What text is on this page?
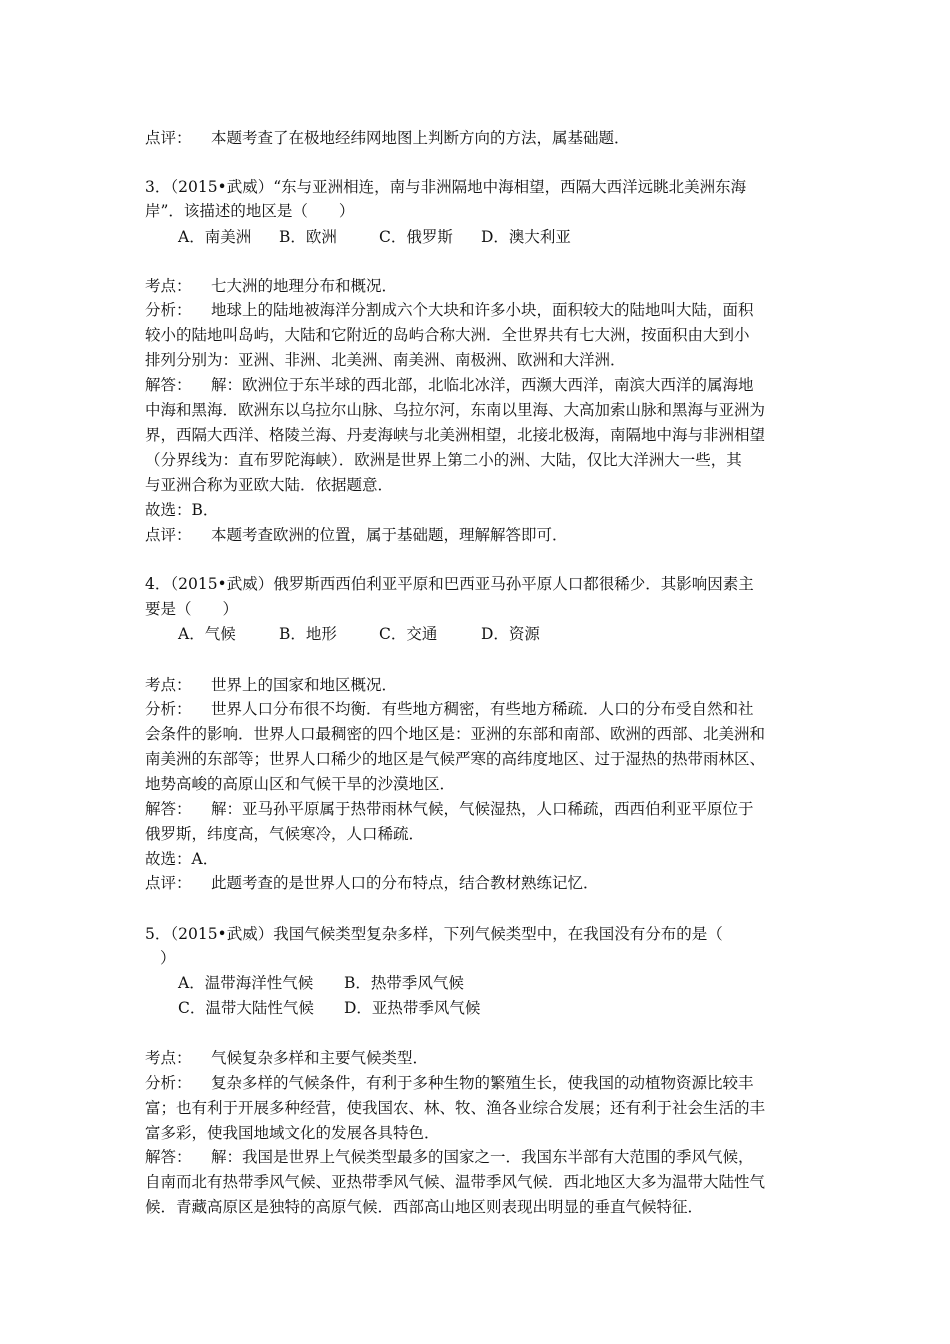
点评： 本题考查了在极地经纬网地图上判断方向的方法，属基础题．
3．（2015•武威）“东与亚洲相连，南与非洲隔地中海相望，西隔大西洋远眺北美洲东海
岸”．该描述的地区是（　　）
A．南美洲 B．欧洲	C．俄罗斯 D．澳大利亚
考点： 七大洲的地理分布和概况．
分析： 地球上的陆地被海洋分割成六个大块和许多小块，面积较大的陆地叫大陆，面积
较小的陆地叫岛屿，大陆和它附近的岛屿合称大洲．全世界共有七大洲，按面积由大到小
排列分别为：亚洲、非洲、北美洲、南美洲、南极洲、欧洲和大洋洲．
解答： 解：欧洲位于东半球的西北部，北临北冰洋，西濒大西洋，南滨大西洋的属海地
中海和黑海．欧洲东以乌拉尔山脉、乌拉尔河，东南以里海、大高加索山脉和黑海与亚洲为
界，西隔大西洋、格陵兰海、丹麦海峡与北美洲相望，北接北极海，南隔地中海与非洲相望
（分界线为：直布罗陀海峡）．欧洲是世界上第二小的洲、大陆，仅比大洋洲大一些，其
与亚洲合称为亚欧大陆．依据题意．
故选：B．
点评： 本题考查欧洲的位置，属于基础题，理解解答即可．
4．（2015•武威）俄罗斯西西伯利亚平原和巴西亚马孙平原人口都很稀少．其影响因素主
要是（　　）
A．气候	B．地形	C．交通	D．资源
考点： 世界上的国家和地区概况．
分析： 世界人口分布很不均衡．有些地方稠密，有些地方稀疏．人口的分布受自然和社
会条件的影响．世界人口最稠密的四个地区是：亚洲的东部和南部、欧洲的西部、北美洲和
南美洲的东部等；世界人口稀少的地区是气候严寒的高纬度地区、过于湿热的热带雨林区、
地势高峻的高原山区和气候干旱的沙漠地区．
解答： 解：亚马孙平原属于热带雨林气候，气候湿热，人口稀疏，西西伯利亚平原位于
俄罗斯，纬度高，气候寒冷，人口稀疏．
故选：A．
点评： 此题考查的是世界人口的分布特点，结合教材熟练记忆．
5．（2015•武威）我国气候类型复杂多样，下列气候类型中，在我国没有分布的是（
）
A．温带海洋性气候 B．热带季风气候
C．温带大陆性气候 D．亚热带季风气候
考点： 气候复杂多样和主要气候类型．
分析： 复杂多样的气候条件，有利于多种生物的繁殖生长，使我国的动植物资源比较丰
富；也有利于开展多种经营，使我国农、林、牧、渔各业综合发展；还有利于社会生活的丰
富多彩，使我国地域文化的发展各具特色．
解答： 解：我国是世界上气候类型最多的国家之一．我国东半部有大范围的季风气候，
自南而北有热带季风气候、亚热带季风气候、温带季风气候．西北地区大多为温带大陆性气
候．青藏高原区是独特的高原气候．西部高山地区则表现出明显的垂直气候特征．
